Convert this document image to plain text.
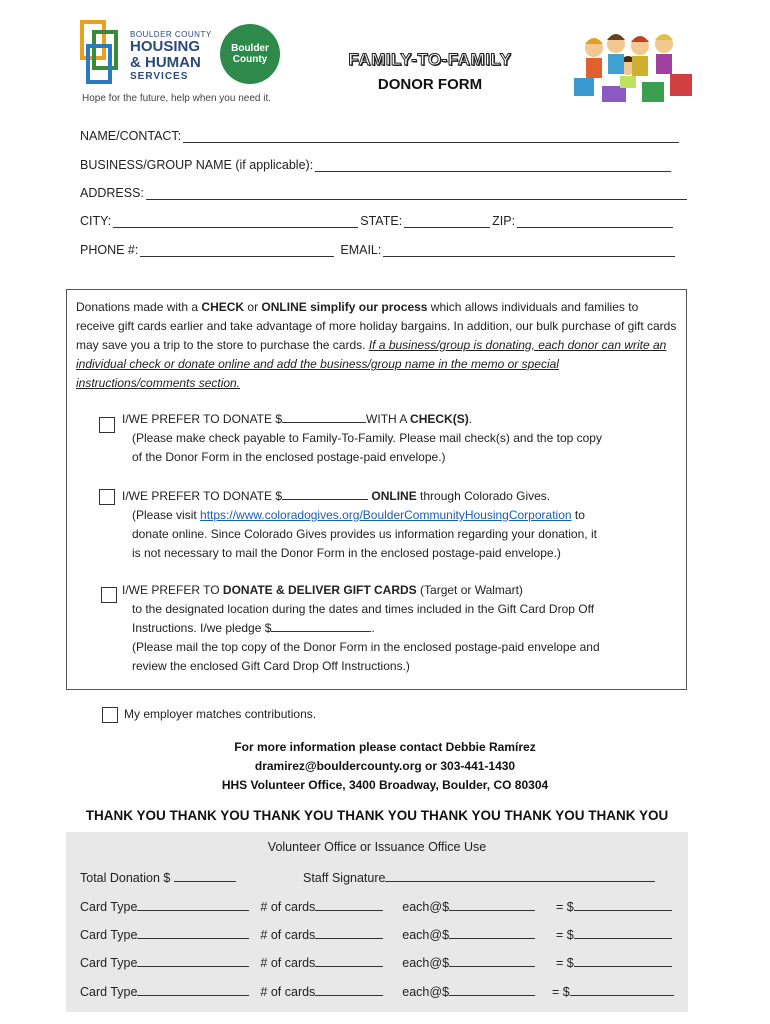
BOULDER COUNTY
HOUSING
& HUMAN
SERVICES
Boulder
County
Hope for the future, help when you need it.
FAMILY-TO-FAMILY
DONOR FORM
NAME/CONTACT:
BUSINESS/GROUP NAME (if applicable):
ADDRESS:
CITY:	STATE:	ZIP:
PHONE #:	EMAIL:
Donations made with a CHECK or ONLINE simplify our process which allows individuals and families to receive gift cards earlier and take advantage of more holiday bargains. In addition, our bulk purchase of gift cards may save you a trip to the store to purchase the cards. If a business/group is donating, each donor can write an individual check or donate online and add the business/group name in the memo or special instructions/comments section.
I/WE PREFER TO DONATE $	WITH A CHECK(S).
(Please make check payable to Family-To-Family. Please mail check(s) and the top copy
of the Donor Form in the enclosed postage-paid envelope.)
I/WE PREFER TO DONATE $	ONLINE through Colorado Gives.
(Please visit https://www.coloradogives.org/BoulderCommunityHousingCorporation to
donate online. Since Colorado Gives provides us information regarding your donation, it
is not necessary to mail the Donor Form in the enclosed postage-paid envelope.)
I/WE PREFER TO DONATE & DELIVER GIFT CARDS (Target or Walmart)
to the designated location during the dates and times included in the Gift Card Drop Off
Instructions. I/we pledge $	.
(Please mail the top copy of the Donor Form in the enclosed postage-paid envelope and
review the enclosed Gift Card Drop Off Instructions.)
My employer matches contributions.
For more information please contact Debbie Ramírez
dramirez@bouldercounty.org or 303-441-1430
HHS Volunteer Office, 3400 Broadway, Boulder, CO 80304
THANK YOU THANK YOU THANK YOU THANK YOU THANK YOU THANK YOU THANK YOU
Volunteer Office or Issuance Office Use
Total Donation $	Staff Signature
Card Type	# of cards	each@$	= $
Card Type	# of cards	each@$	= $
Card Type	# of cards	each@$	= $
Card Type	# of cards	each@$	= $
